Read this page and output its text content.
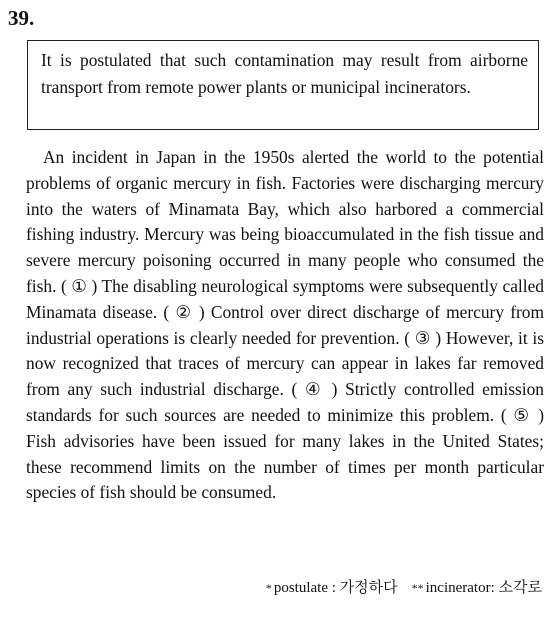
39.
It is postulated that such contamination may result from airborne transport from remote power plants or municipal incinerators.

An incident in Japan in the 1950s alerted the world to the potential problems of organic mercury in fish. Factories were discharging mercury into the waters of Minamata Bay, which also harbored a commercial fishing industry. Mercury was being bioaccumulated in the fish tissue and severe mercury poisoning occurred in many people who consumed the fish. ( ① ) The disabling neurological symptoms were subsequently called Minamata disease. ( ② ) Control over direct discharge of mercury from industrial operations is clearly needed for prevention. ( ③ ) However, it is now recognized that traces of mercury can appear in lakes far removed from any such industrial discharge. ( ④ ) Strictly controlled emission standards for such sources are needed to minimize this problem. ( ⑤ ) Fish advisories have been issued for many lakes in the United States; these recommend limits on the number of times per month particular species of fish should be consumed.

* postulate : 가정하다 ** incinerator: 소각로
